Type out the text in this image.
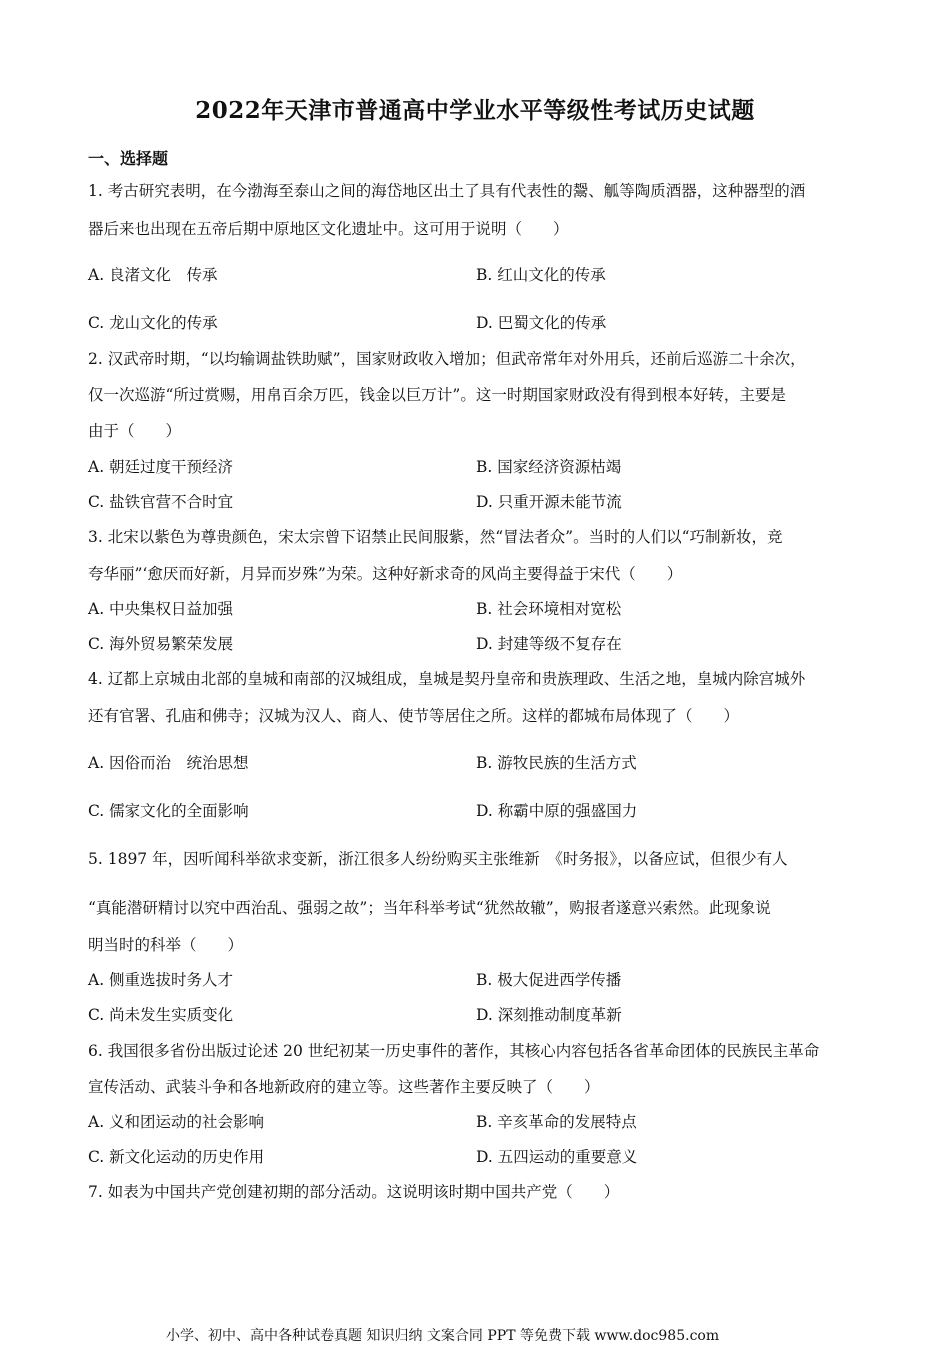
2022年天津市普通高中学业水平等级性考试历史试题
一、选择题
1. 考古研究表明，在今渤海至泰山之间的海岱地区出土了具有代表性的鬶、觚等陶质酒器，这种器型的酒
器后来也出现在五帝后期中原地区文化遗址中。这可用于说明（　　）
A. 良渚文化　传承	B. 红山文化的传承
C. 龙山文化的传承	D. 巴蜀文化的传承
2. 汉武帝时期，“以均输调盐铁助赋”，国家财政收入增加；但武帝常年对外用兵，还前后巡游二十余次，
仅一次巡游“所过赏赐，用帛百余万匹，钱金以巨万计”。这一时期国家财政没有得到根本好转，主要是
由于（　　）
A. 朝廷过度干预经济	B. 国家经济资源枯竭
C. 盐铁官营不合时宜	D. 只重开源未能节流
3. 北宋以紫色为尊贵颜色，宋太宗曾下诏禁止民间服紫，然“冒法者众”。当时的人们以“巧制新妆，竞
夸华丽”‘愈厌而好新，月异而岁殊”为荣。这种好新求奇的风尚主要得益于宋代（　　）
A. 中央集权日益加强	B. 社会环境相对宽松
C. 海外贸易繁荣发展	D. 封建等级不复存在
4. 辽都上京城由北部的皇城和南部的汉城组成，皇城是契丹皇帝和贵族理政、生活之地，皇城内除宫城外
还有官署、孔庙和佛寺；汉城为汉人、商人、使节等居住之所。这样的都城布局体现了（　　）
A. 因俗而治　统治思想	B. 游牧民族的生活方式
C. 儒家文化的全面影响	D. 称霸中原的强盛国力
5. 1897 年，因听闻科举欲求变新，浙江很多人纷纷购买主张维新　《时务报》，以备应试，但很少有人
“真能潜研精讨以究中西治乱、强弱之故”；当年科举考试“犹然故辙”，购报者遂意兴索然。此现象说
明当时的科举（　　）
A. 侧重选拔时务人才	B. 极大促进西学传播
C. 尚未发生实质变化	D. 深刻推动制度革新
6. 我国很多省份出版过论述 20 世纪初某一历史事件的著作，其核心内容包括各省革命团体的民族民主革命
宣传活动、武装斗争和各地新政府的建立等。这些著作主要反映了（　　）
A. 义和团运动的社会影响	B. 辛亥革命的发展特点
C. 新文化运动的历史作用	D. 五四运动的重要意义
7. 如表为中国共产党创建初期的部分活动。这说明该时期中国共产党（　　）
小学、初中、高中各种试卷真题 知识归纳 文案合同 PPT 等免费下载 www.doc985.com
